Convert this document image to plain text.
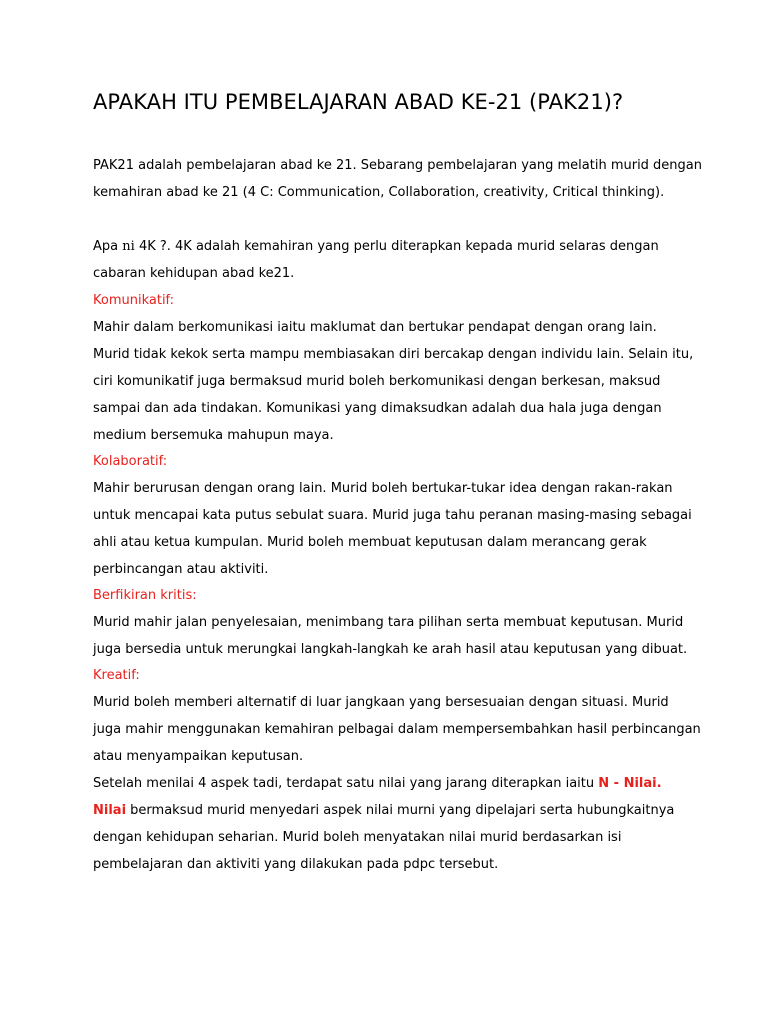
APAKAH ITU PEMBELAJARAN ABAD KE-21 (PAK21)?
PAK21 adalah pembelajaran abad ke 21. Sebarang pembelajaran yang melatih murid dengan
kemahiran abad ke 21 (4 C: Communication, Collaboration, creativity, Critical thinking).
Apa ni 4K ?. 4K adalah kemahiran yang perlu diterapkan kepada murid selaras dengan
cabaran kehidupan abad ke21.
Komunikatif:
Mahir dalam berkomunikasi iaitu maklumat dan bertukar pendapat dengan orang lain.
Murid tidak kekok serta mampu membiasakan diri bercakap dengan individu lain. Selain itu,
ciri komunikatif juga bermaksud murid boleh berkomunikasi dengan berkesan, maksud
sampai dan ada tindakan. Komunikasi yang dimaksudkan adalah dua hala juga dengan
medium bersemuka mahupun maya.
Kolaboratif:
Mahir berurusan dengan orang lain. Murid boleh bertukar-tukar idea dengan rakan-rakan
untuk mencapai kata putus sebulat suara. Murid juga tahu peranan masing-masing sebagai
ahli atau ketua kumpulan. Murid boleh membuat keputusan dalam merancang gerak
perbincangan atau aktiviti.
Berfikiran kritis:
Murid mahir jalan penyelesaian, menimbang tara pilihan serta membuat keputusan. Murid
juga bersedia untuk merungkai langkah-langkah ke arah hasil atau keputusan yang dibuat.
Kreatif:
Murid boleh memberi alternatif di luar jangkaan yang bersesuaian dengan situasi. Murid
juga mahir menggunakan kemahiran pelbagai dalam mempersembahkan hasil perbincangan
atau menyampaikan keputusan.
Setelah menilai 4 aspek tadi, terdapat satu nilai yang jarang diterapkan iaitu N - Nilai.
Nilai bermaksud murid menyedari aspek nilai murni yang dipelajari serta hubungkaitnya
dengan kehidupan seharian. Murid boleh menyatakan nilai murid berdasarkan isi
pembelajaran dan aktiviti yang dilakukan pada pdpc tersebut.
